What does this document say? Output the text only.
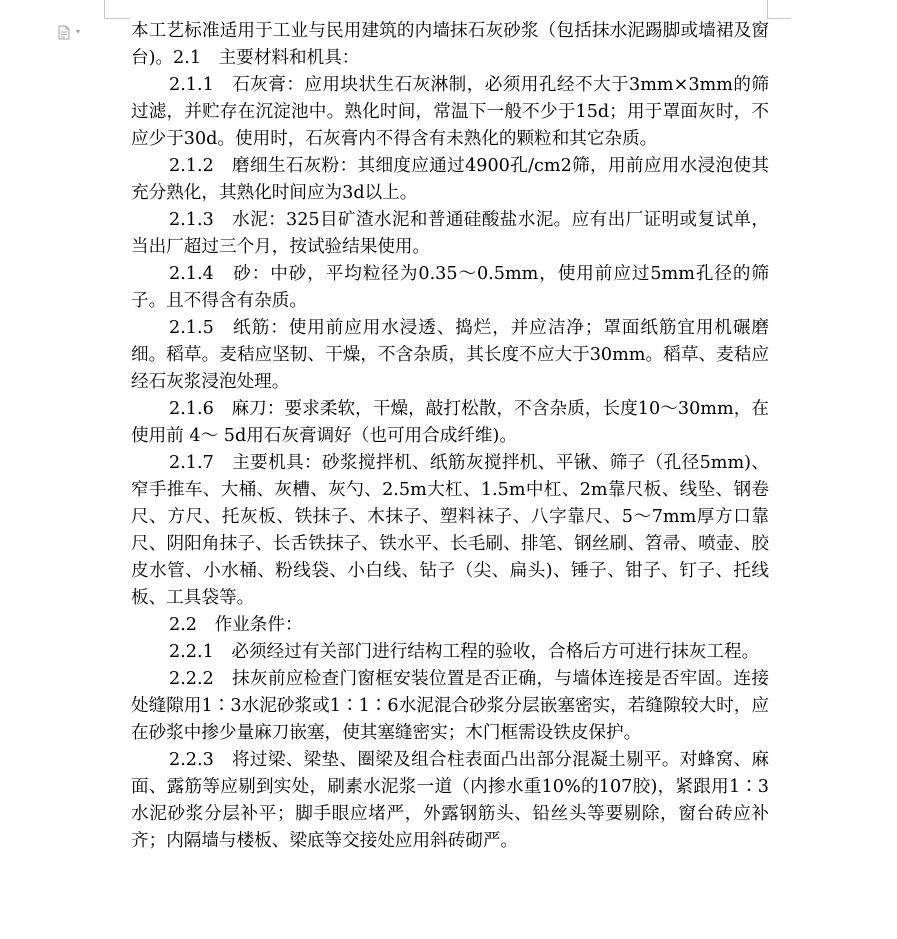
▾	本工艺标准适用于工业与民用建筑的内墙抹石灰砂浆（包括抹水泥踢脚或墙裙及窗台)。2.1　主要材料和机具：

2.1.1　石灰膏：应用块状生石灰淋制，必须用孔经不大于3mm×3mm的筛过滤，并贮存在沉淀池中。熟化时间，常温下一般不少于15d；用于罩面灰时，不应少于30d。使用时，石灰膏内不得含有未熟化的颗粒和其它杂质。

2.1.2　磨细生石灰粉：其细度应通过4900孔/cm2筛，用前应用水浸泡使其充分熟化，其熟化时间应为3d以上。

2.1.3　水泥：325目矿渣水泥和普通硅酸盐水泥。应有出厂证明或复试单，当出厂超过三个月，按试验结果使用。

2.1.4　砂：中砂，平均粒径为0.35～0.5mm，使用前应过5mm孔径的筛子。且不得含有杂质。

2.1.5　纸筋：使用前应用水浸透、捣烂，并应洁净；罩面纸筋宜用机碾磨细。稻草。麦秸应坚韧、干燥，不含杂质，其长度不应大于30mm。稻草、麦秸应经石灰浆浸泡处理。

2.1.6　麻刀：要求柔软，干燥，敲打松散，不含杂质，长度10～30mm，在使用前 4～ 5d用石灰膏调好（也可用合成纤维)。

2.1.7　主要机具：砂浆搅拌机、纸筋灰搅拌机、平锹、筛子（孔径5mm)、窄手推车、大桶、灰槽、灰勺、2.5m大杠、1.5m中杠、2m靠尺板、线坠、钢卷尺、方尺、托灰板、铁抹子、木抹子、塑料袜子、八字靠尺、5～7mm厚方口靠尺、阴阳角抹子、长舌铁抹子、铁水平、长毛刷、排笔、钢丝刷、笤帚、喷壶、胶皮水管、小水桶、粉线袋、小白线、钻子（尖、扁头)、锤子、钳子、钉子、托线板、工具袋等。

2.2　作业条件：

2.2.1　必须经过有关部门进行结构工程的验收，合格后方可进行抹灰工程。

2.2.2　抹灰前应检查门窗框安装位置是否正确，与墙体连接是否牢固。连接处缝隙用1∶3水泥砂浆或1∶1∶6水泥混合砂浆分层嵌塞密实，若缝隙较大时，应在砂浆中掺少量麻刀嵌塞，使其塞缝密实；木门框需设铁皮保护。

2.2.3　将过梁、梁垫、圈梁及组合柱表面凸出部分混凝土剔平。对蜂窝、麻面、露筋等应剔到实处，刷素水泥浆一道（内掺水重10%的107胶)，紧跟用1∶3水泥砂浆分层补平；脚手眼应堵严，外露钢筋头、铅丝头等要剔除，窗台砖应补齐；内隔墙与楼板、梁底等交接处应用斜砖砌严。
